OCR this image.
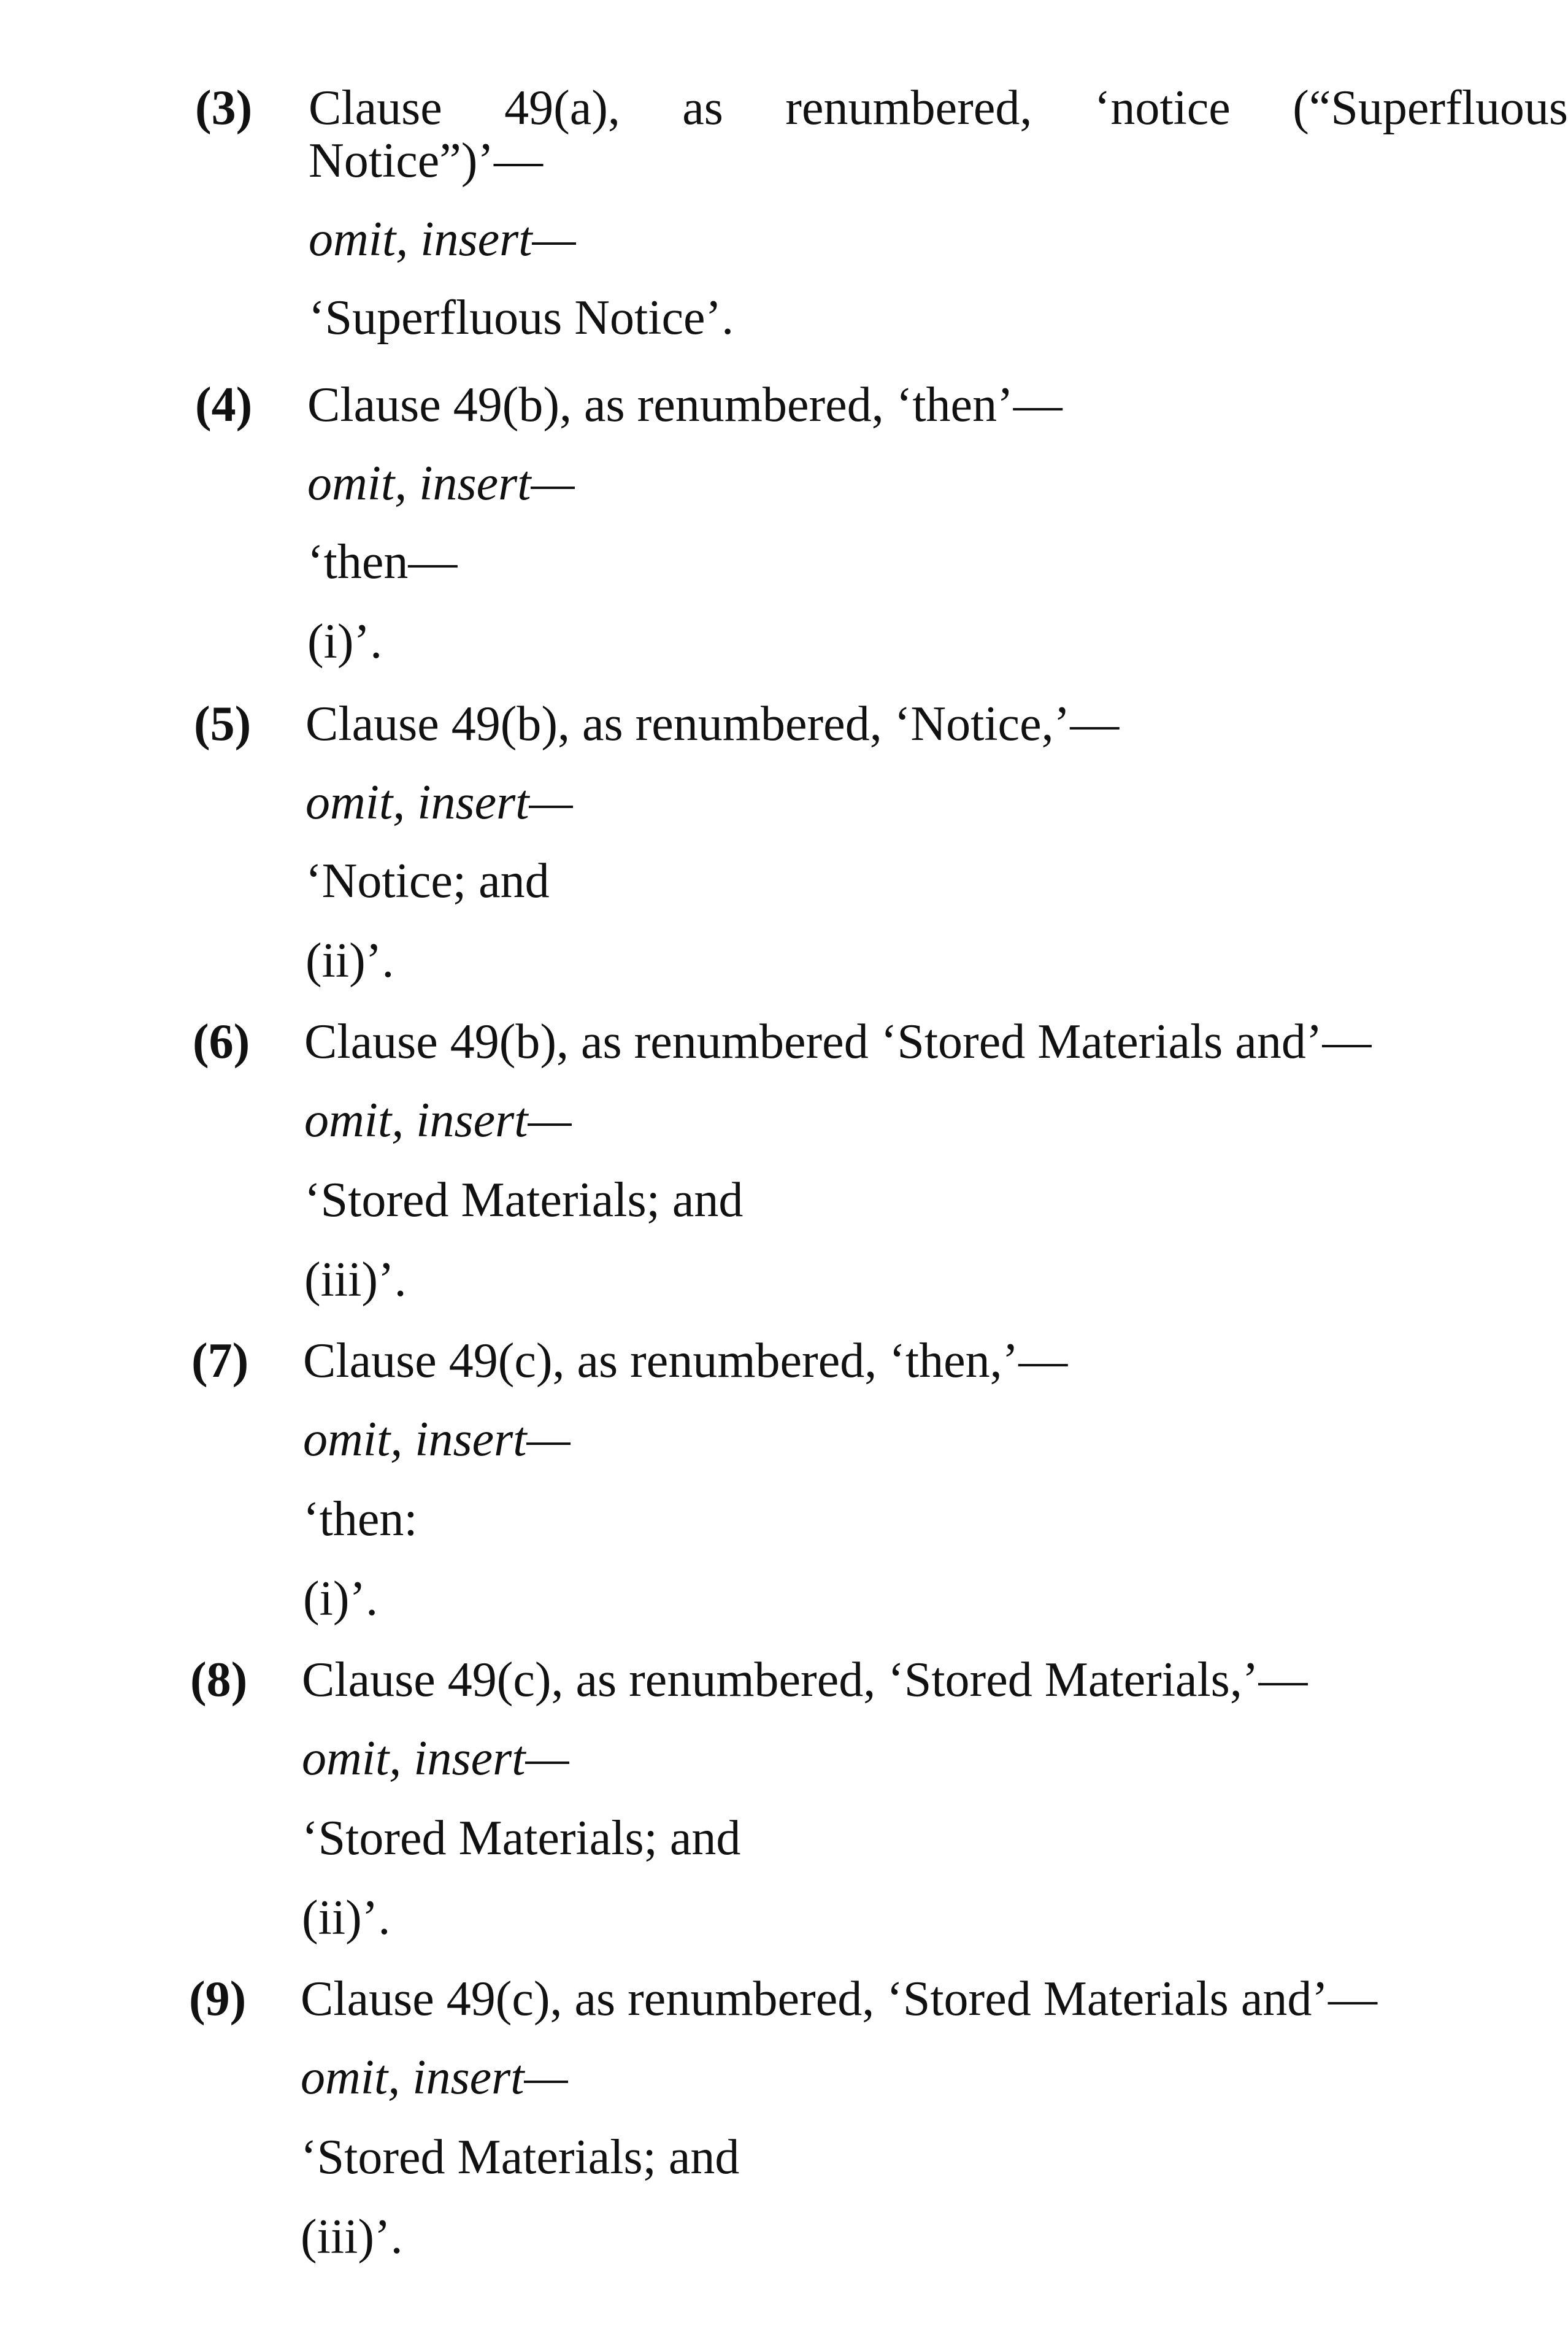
(3) Clause 49(a), as renumbered, ‘notice (“Superfluous
Notice”)’—
omit, insert—
‘Superfluous Notice’.
(4) Clause 49(b), as renumbered, ‘then’—
omit, insert—
‘then—
(i)’.
(5) Clause 49(b), as renumbered, ‘Notice,’—
omit, insert—
‘Notice; and
(ii)’.
(6) Clause 49(b), as renumbered ‘Stored Materials and’—
omit, insert—
‘Stored Materials; and
(iii)’.
(7) Clause 49(c), as renumbered, ‘then,’—
omit, insert—
‘then:
(i)’.
(8) Clause 49(c), as renumbered, ‘Stored Materials,’—
omit, insert—
‘Stored Materials; and
(ii)’.
(9) Clause 49(c), as renumbered, ‘Stored Materials and’—
omit, insert—
‘Stored Materials; and
(iii)’.
